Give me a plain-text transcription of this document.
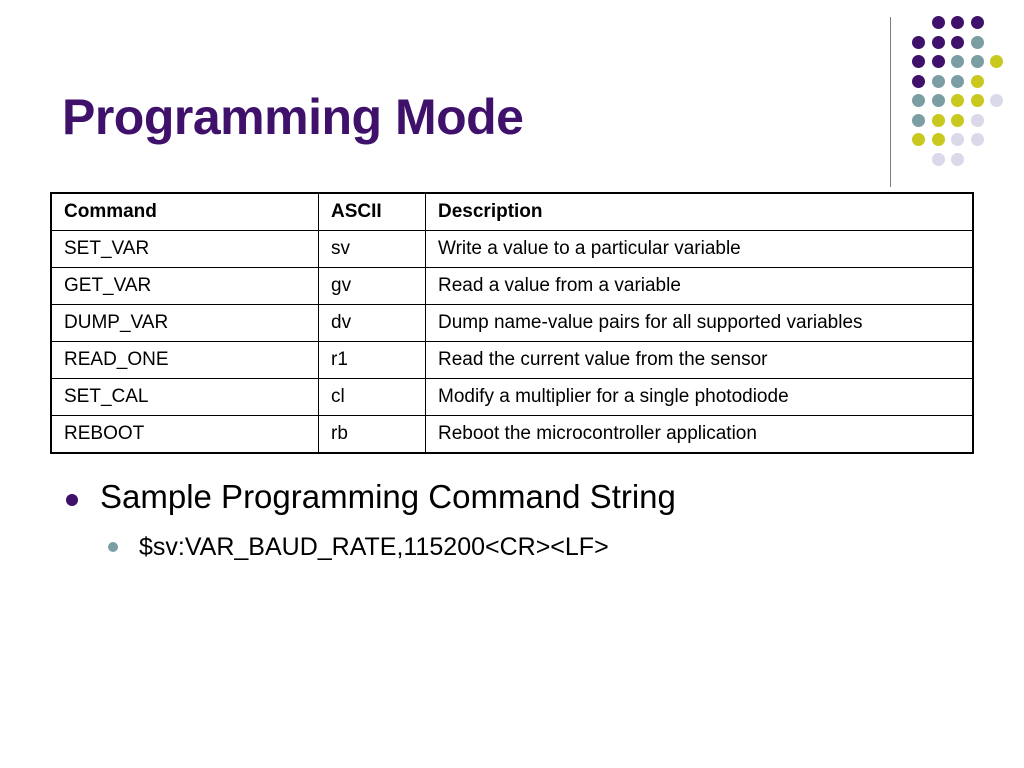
Programming Mode
Command	ASCII	Description
SET_VAR	sv	Write a value to a particular variable
GET_VAR	gv	Read a value from a variable
DUMP_VAR	dv	Dump name-value pairs for all supported variables
READ_ONE	r1	Read the current value from the sensor
SET_CAL	cl	Modify a multiplier for a single photodiode
REBOOT	rb	Reboot the microcontroller application
Sample Programming Command String
$sv:VAR_BAUD_RATE,115200<CR><LF>
